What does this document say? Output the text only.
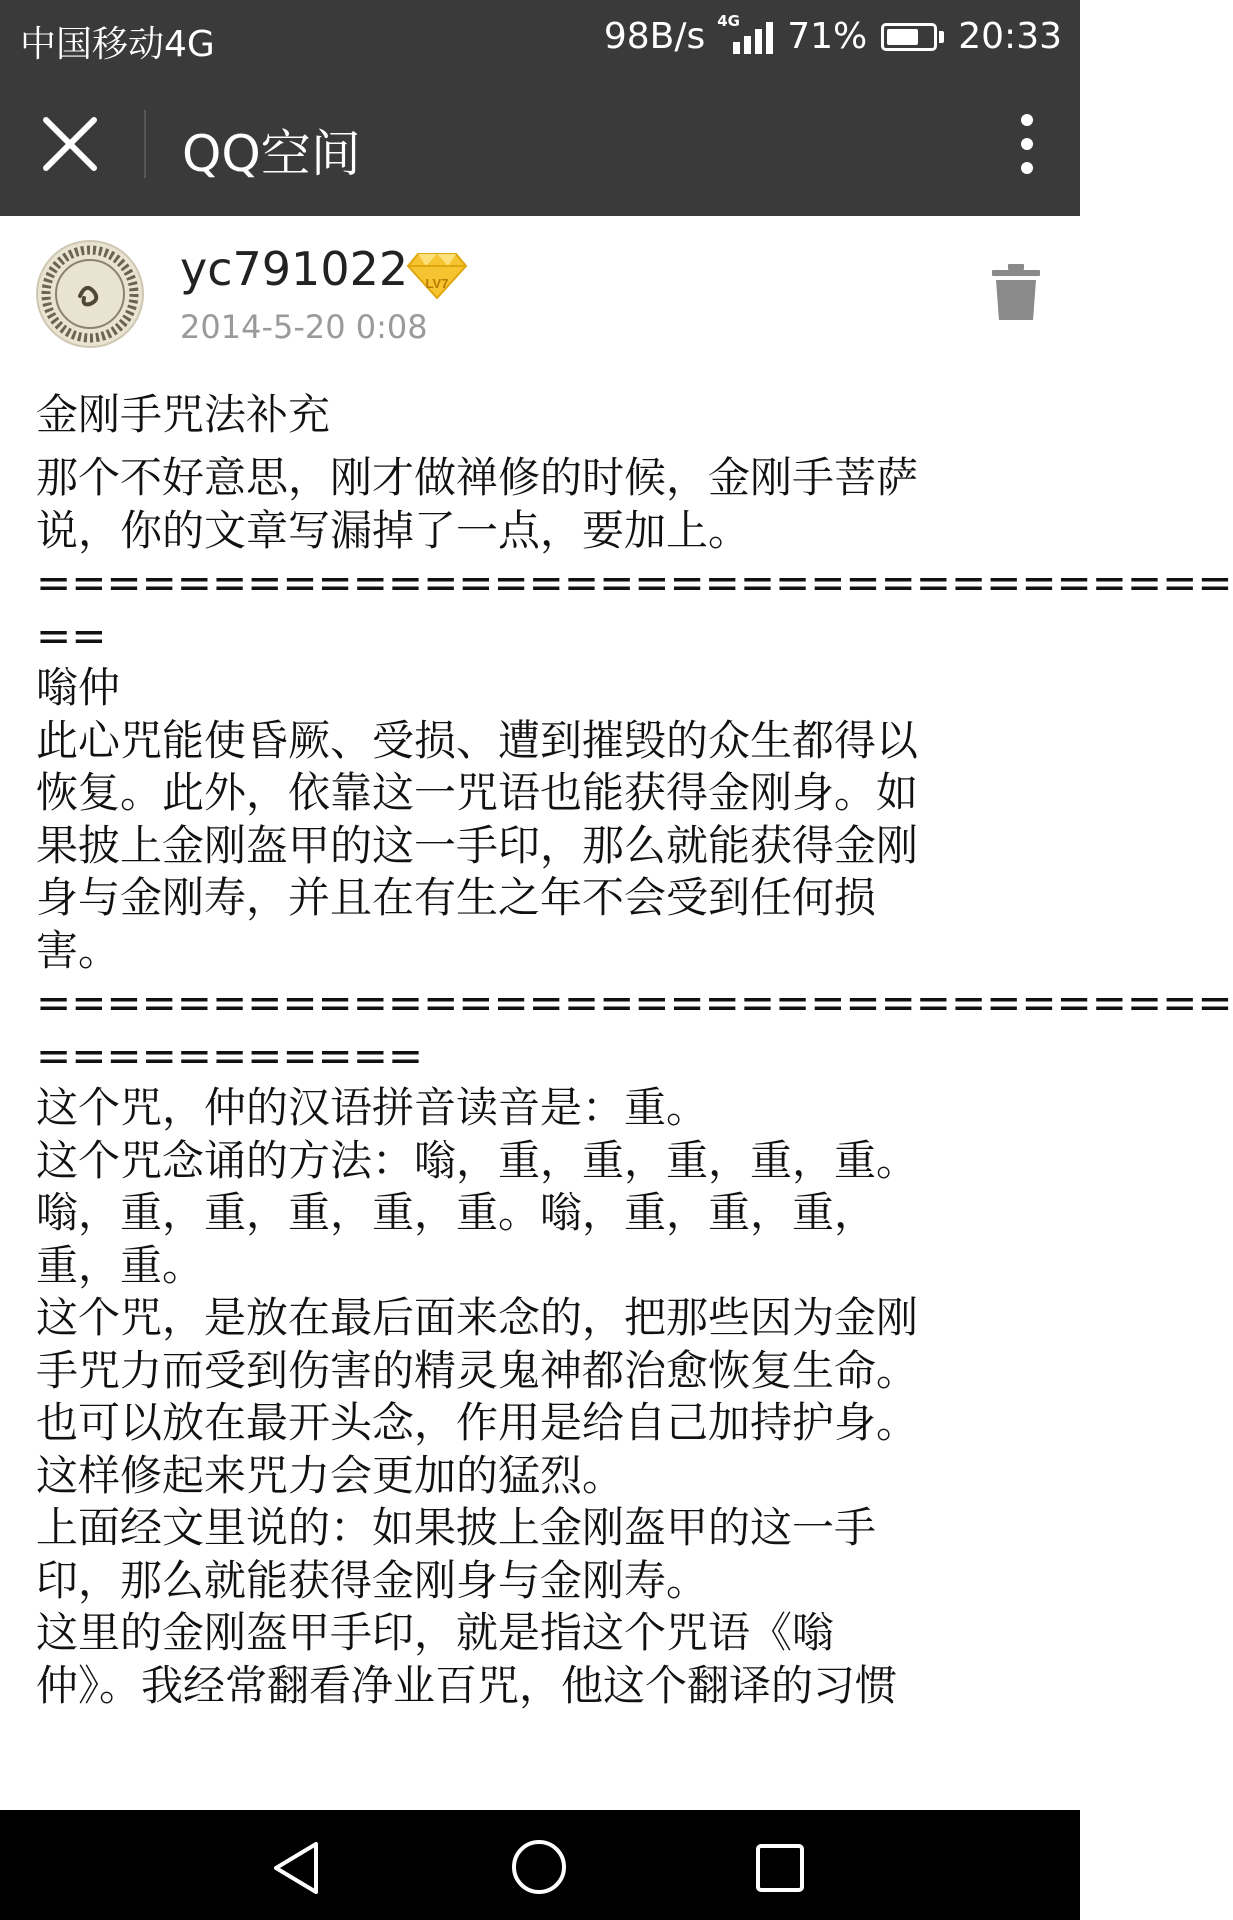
中国移动4G	98B/s 4G 71%	20:33
QQ空间
yc791022 LV7
2014-5-20 0:08
金刚手咒法补充
那个不好意思，刚才做禅修的时候，金刚手菩萨
说，你的文章写漏掉了一点，要加上。
==================================
==
嗡仲
此心咒能使昏厥、受损、遭到摧毁的众生都得以
恢复。此外，依靠这一咒语也能获得金刚身。如
果披上金刚盔甲的这一手印，那么就能获得金刚
身与金刚寿，并且在有生之年不会受到任何损
害。
==================================
===========
这个咒，仲的汉语拼音读音是：重。
这个咒念诵的方法：嗡，重，重，重，重，重。
嗡，重，重，重，重，重。嗡，重，重，重，
重，重。
这个咒，是放在最后面来念的，把那些因为金刚
手咒力而受到伤害的精灵鬼神都治愈恢复生命。
也可以放在最开头念，作用是给自己加持护身。
这样修起来咒力会更加的猛烈。
上面经文里说的：如果披上金刚盔甲的这一手
印，那么就能获得金刚身与金刚寿。
这里的金刚盔甲手印，就是指这个咒语《嗡
仲》。我经常翻看净业百咒，他这个翻译的习惯
